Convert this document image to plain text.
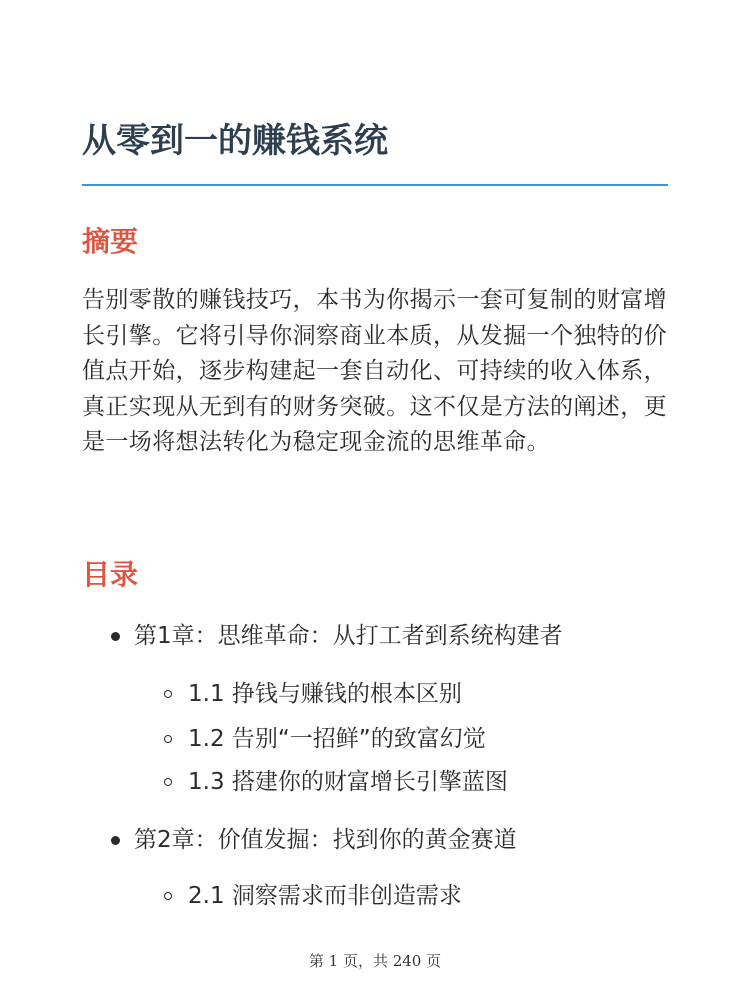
从零到一的赚钱系统
摘要

告别零散的赚钱技巧，本书为你揭示一套可复制的财富增长引擎。它将引导你洞察商业本质，从发掘一个独特的价值点开始，逐步构建起一套自动化、可持续的收入体系，真正实现从无到有的财务突破。这不仅是方法的阐述，更是一场将想法转化为稳定现金流的思维革命。

目录
第1章：思维革命：从打工者到系统构建者
1.1 挣钱与赚钱的根本区别
1.2 告别“一招鲜”的致富幻觉
1.3 搭建你的财富增长引擎蓝图
第2章：价值发掘：找到你的黄金赛道
2.1 洞察需求而非创造需求
第 1 页，共 240 页
